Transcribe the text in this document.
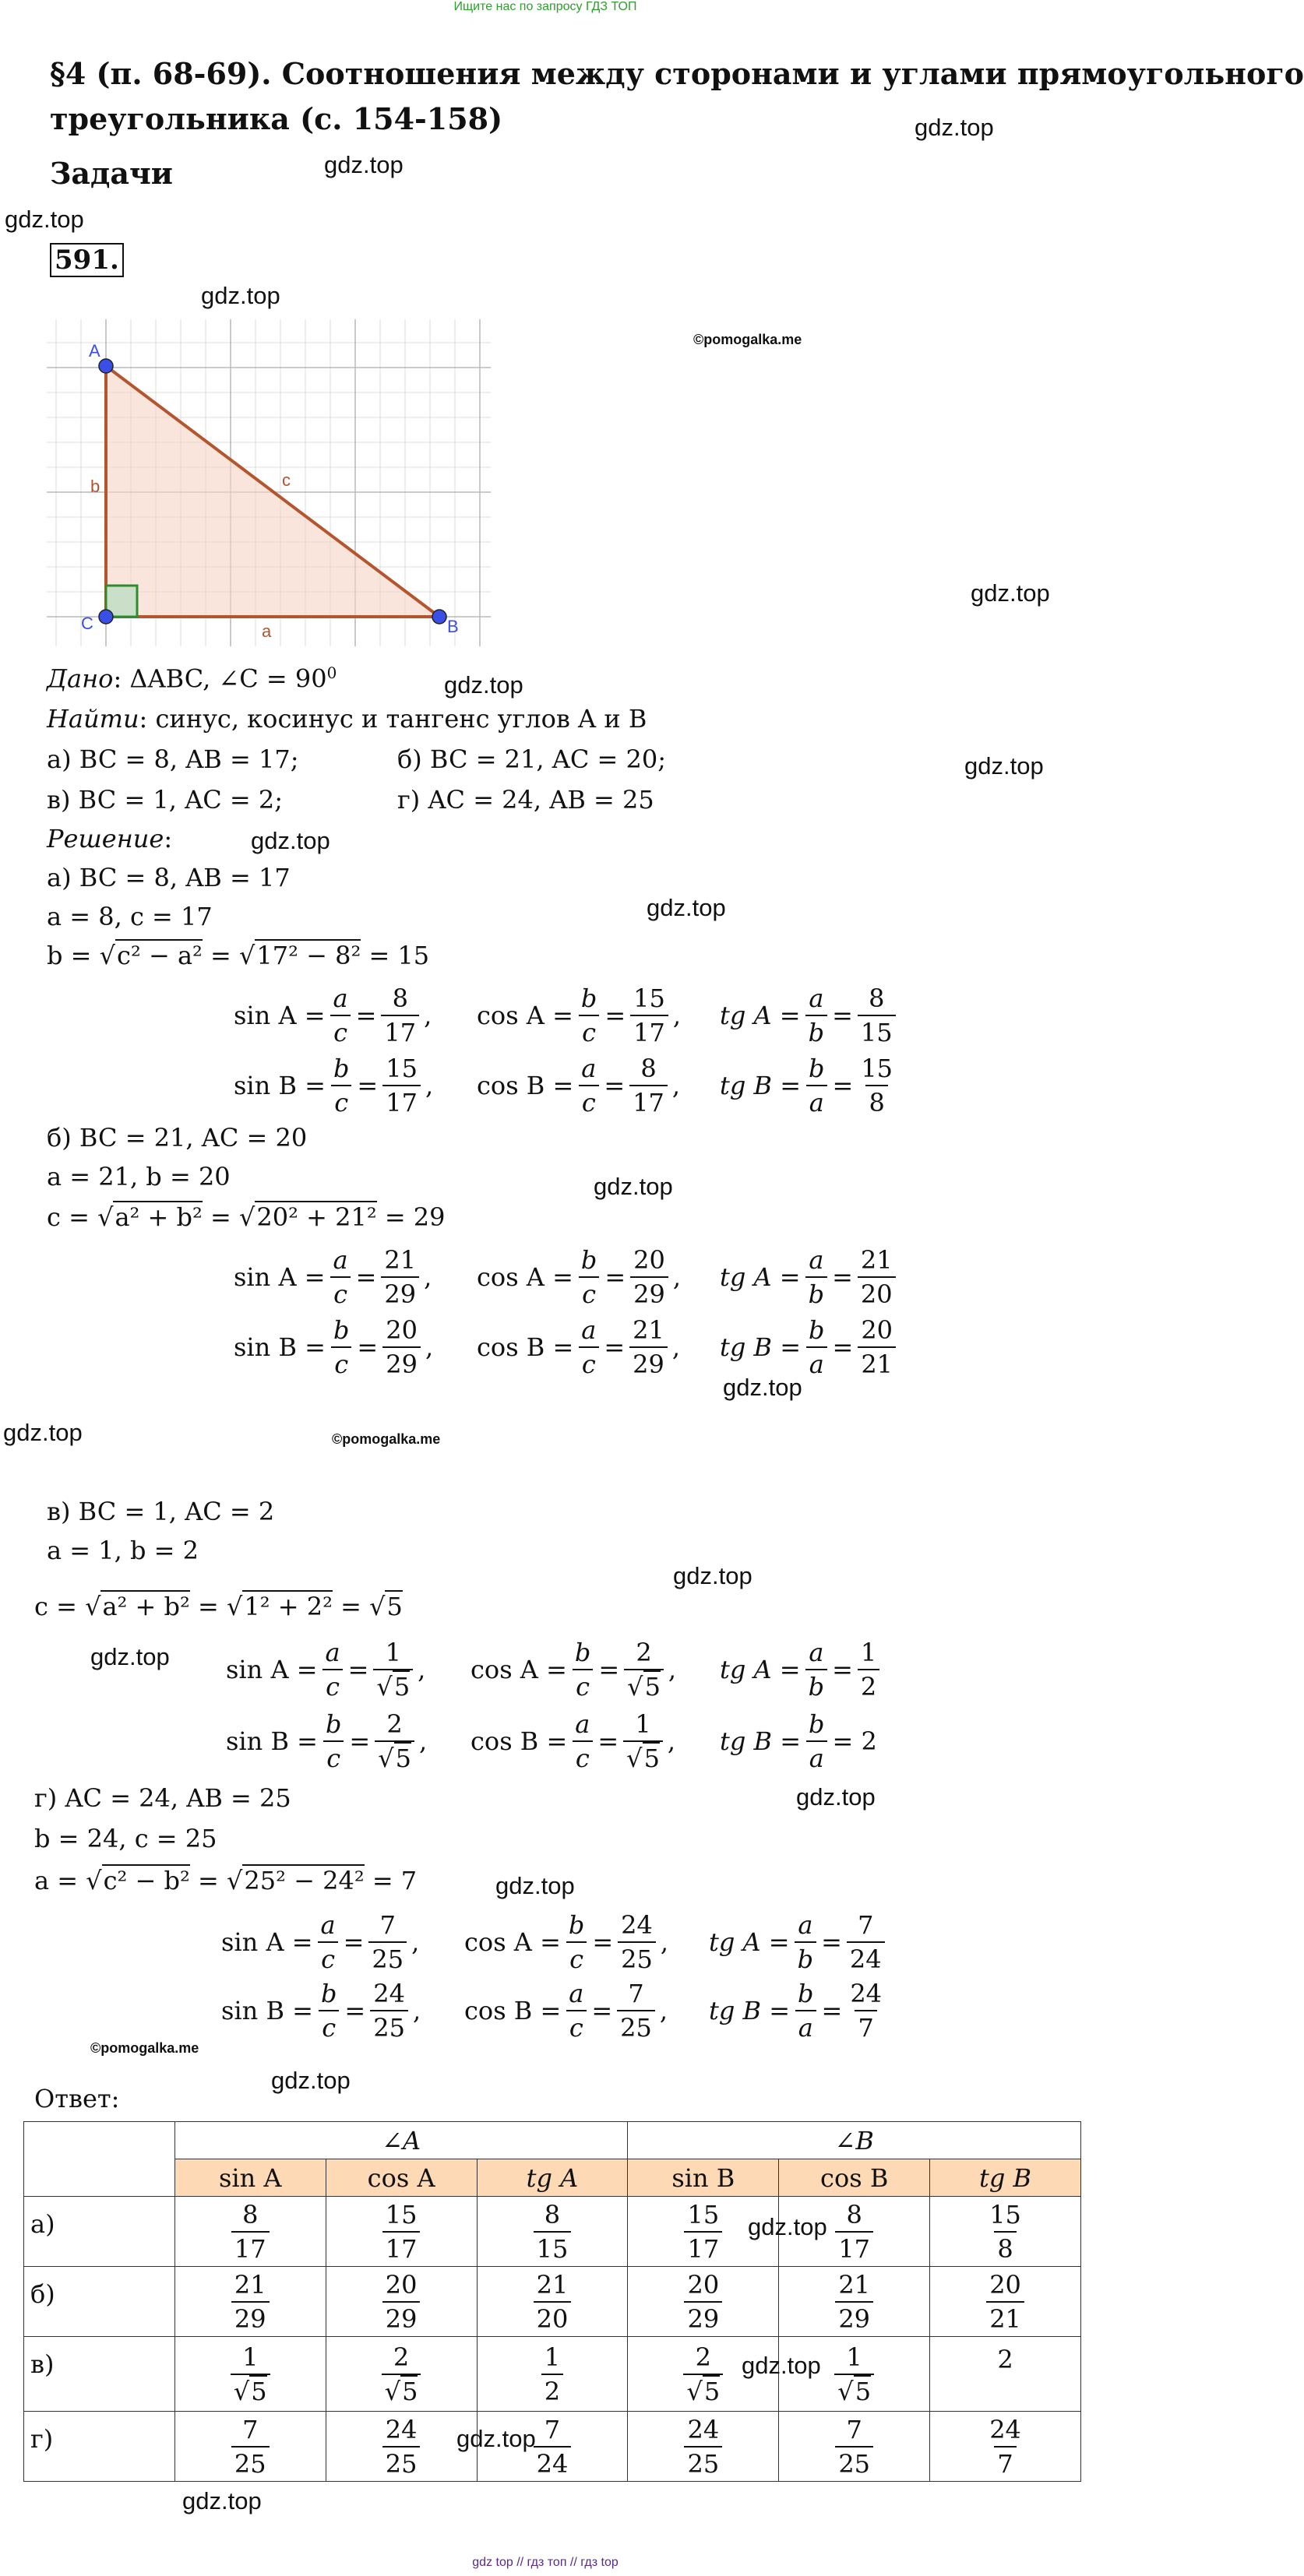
Ищите нас по запросу ГДЗ ТОП
§4 (п. 68-69). Соотношения между сторонами и углами прямоугольного
треугольника (с. 154-158)
Задачи
591.
gdz.top
gdz.top
gdz.top
gdz.top
gdz.top
gdz.top
gdz.top
gdz.top
gdz.top
gdz.top
gdz.top
gdz.top
gdz.top
gdz.top
gdz.top
gdz.top
gdz.top
gdz.top
gdz.top
gdz.top
gdz.top
©pomogalka.me
©pomogalka.me
©pomogalka.me
A
C	B
b	c
a
Дано: ΔABC, ∠C = $90^0$
Найти: синус, косинус и тангенс углов A и B
а) BC = 8, AB = 17;	б) BC = 21, AC = 20;
в) BC = 1, AC = 2;	г) AC = 24, AB = 25
Решение:
а) BC = 8, AB = 17
a = 8, c = 17
b = √c² − a² = √17² − 8² = 15
sin A
= $\frac{a}{c} = \frac{8}{17}$ , cos A
= $\frac{b}{c} = \frac{15}{17}$ , tg A
= $\frac{a}{b} = \frac{8}{15}$
sin B
= $\frac{b}{c} = \frac{15}{17}$ , cos B
= $\frac{a}{c} = \frac{8}{17}$ , tg B
= $\frac{b}{a} = \frac{15}{8}$
б) BC = 21, AC = 20
a = 21, b = 20
c = √a² + b² = √20² + 21² = 29
sin A
= $\frac{a}{c} = \frac{21}{29}$ , cos A
= $\frac{b}{c} = \frac{20}{29}$ , tg A
= $\frac{a}{b} = \frac{21}{20}$
sin B
= $\frac{b}{c} = \frac{20}{29}$ , cos B
= $\frac{a}{c} = \frac{21}{29}$ , tg B
= $\frac{b}{a} = \frac{20}{21}$
в) BC = 1, AC = 2
a = 1, b = 2
c = √a² + b² = √1² + 2² = √5
sin A
= $\frac{a}{c} = \frac{1}{√5}$ , cos A
= $\frac{b}{c} = \frac{2}{√5}$ , tg A
= $\frac{a}{b} = \frac{1}{2}$
sin B
= $\frac{b}{c} = \frac{2}{√5}$ , cos B
= $\frac{a}{c} = \frac{1}{√5}$ , tg B
= $\frac{b}{a}$ =
2
г) AC = 24, AB = 25
b = 24, c = 25
a = √c² − b² = √25² − 24² = 7
sin A
= $\frac{a}{c} = \frac{7}{25}$ , cos A
= $\frac{b}{c} = \frac{24}{25}$ , tg A
= $\frac{a}{b} = \frac{7}{24}$
sin B
= $\frac{b}{c} = \frac{24}{25}$ , cos B
= $\frac{a}{c} = \frac{7}{25}$ , tg B
= $\frac{b}{a} = \frac{24}{7}$
Ответ:
591	∠A			∠B		
	sin A	cos A	tg A	sin B	cos B	tg B
а)	$\frac{8}{17}$	$\frac{15}{17}$	$\frac{8}{15}$	$\frac{15}{17}$	$\frac{8}{17}$	$\frac{15}{8}$

б)	$\frac{21}{29}$	$\frac{20}{29}$	$\frac{21}{20}$	$\frac{20}{29}$	$\frac{21}{29}$	$\frac{20}{21}$

в)	$\frac{1}{√5}$	$\frac{2}{√5}$	$\frac{1}{2}$	$\frac{2}{√5}$	$\frac{1}{√5}$	2
г)	$\frac{7}{25}$	$\frac{24}{25}$	$\frac{7}{24}$	$\frac{24}{25}$	$\frac{7}{25}$	$\frac{24}{7}$
gdz top // гдз топ // гдз top
